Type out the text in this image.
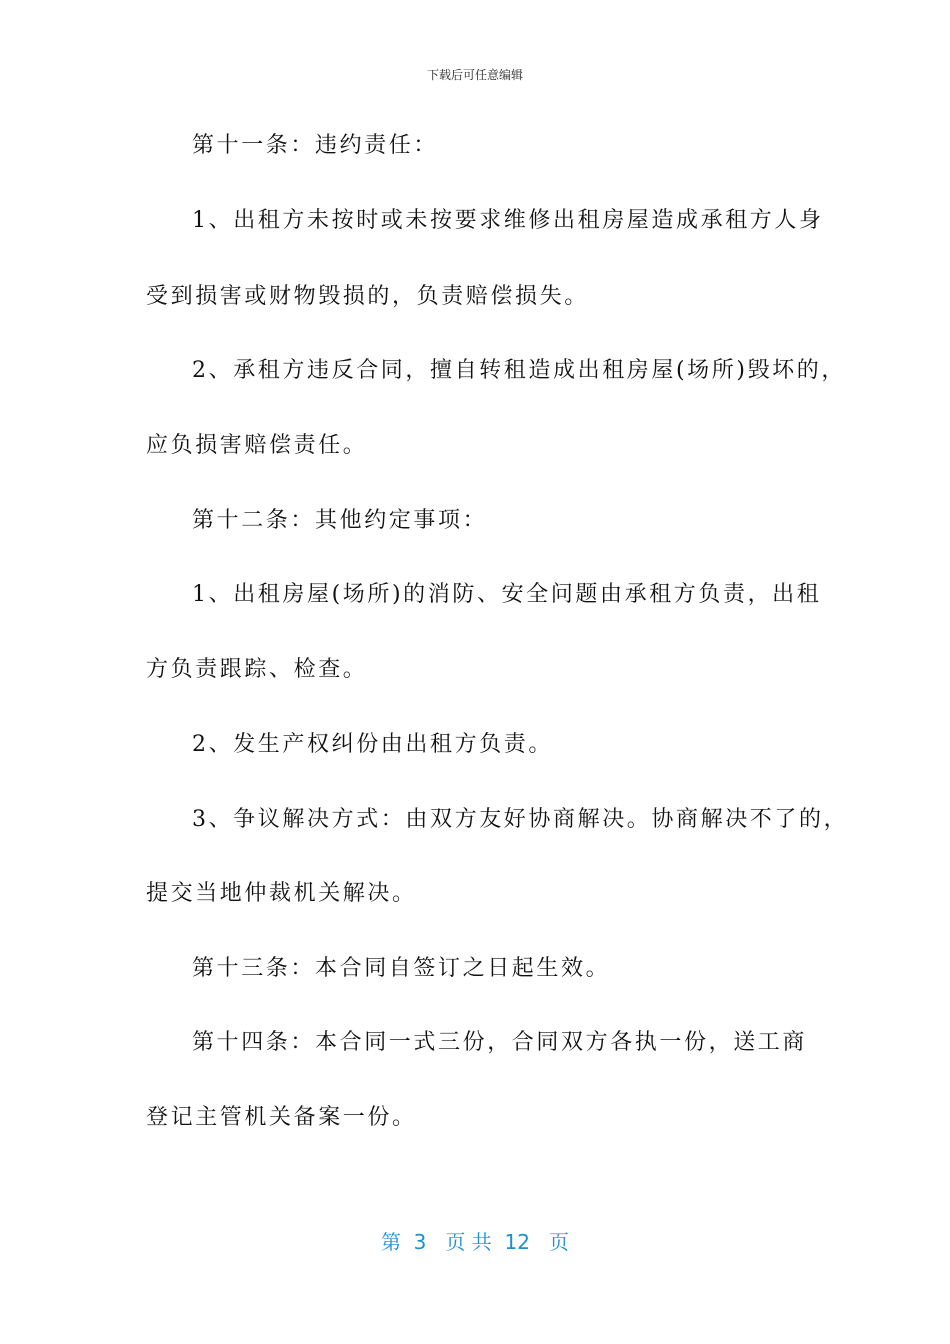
下载后可任意编辑
第十一条：违约责任：
1、出租方未按时或未按要求维修出租房屋造成承租方人身
受到损害或财物毁损的，负责赔偿损失。
2、承租方违反合同，擅自转租造成出租房屋(场所)毁坏的，
应负损害赔偿责任。
第十二条：其他约定事项：
1、出租房屋(场所)的消防、安全问题由承租方负责，出租
方负责跟踪、检查。
2、发生产权纠份由出租方负责。
3、争议解决方式：由双方友好协商解决。协商解决不了的，
提交当地仲裁机关解决。
第十三条：本合同自签订之日起生效。
第十四条：本合同一式三份，合同双方各执一份，送工商
登记主管机关备案一份。
第  3   页 共  12   页
